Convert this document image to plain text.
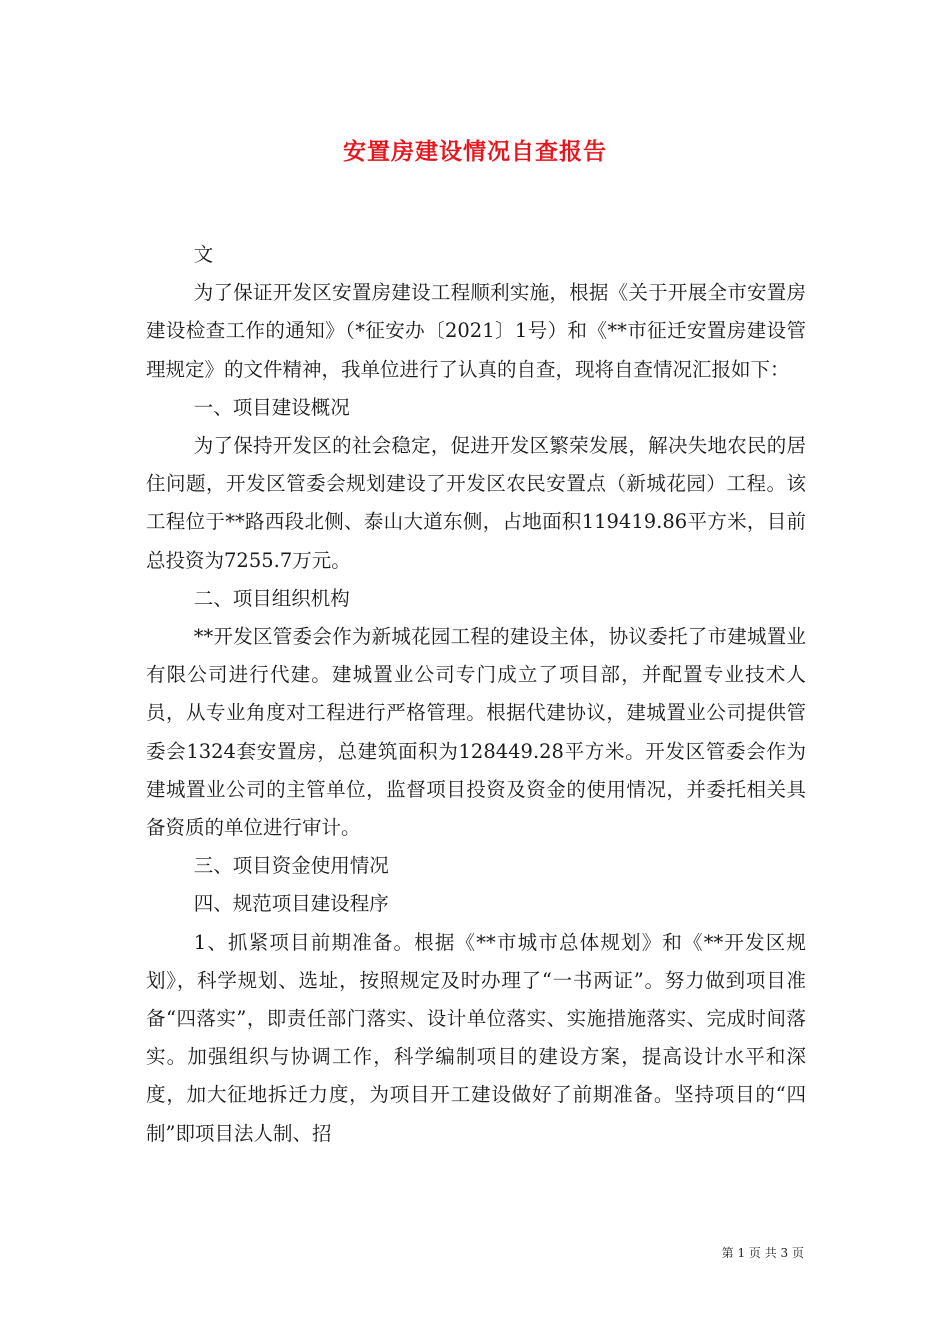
安置房建设情况自查报告

文

为了保证开发区安置房建设工程顺利实施，根据《关于开展全市安置房建设检查工作的通知》（*征安办〔2021〕1号）和《**市征迁安置房建设管理规定》的文件精神，我单位进行了认真的自查，现将自查情况汇报如下：

一、项目建设概况

为了保持开发区的社会稳定，促进开发区繁荣发展，解决失地农民的居住问题，开发区管委会规划建设了开发区农民安置点（新城花园）工程。该工程位于**路西段北侧、泰山大道东侧，占地面积119419.86平方米，目前总投资为7255.7万元。

二、项目组织机构

**开发区管委会作为新城花园工程的建设主体，协议委托了市建城置业有限公司进行代建。建城置业公司专门成立了项目部，并配置专业技术人员，从专业角度对工程进行严格管理。根据代建协议，建城置业公司提供管委会1324套安置房，总建筑面积为128449.28平方米。开发区管委会作为建城置业公司的主管单位，监督项目投资及资金的使用情况，并委托相关具备资质的单位进行审计。

三、项目资金使用情况

四、规范项目建设程序

1、抓紧项目前期准备。根据《**市城市总体规划》和《**开发区规划》，科学规划、选址，按照规定及时办理了“一书两证”。努力做到项目准备“四落实”，即责任部门落实、设计单位落实、实施措施落实、完成时间落实。加强组织与协调工作，科学编制项目的建设方案，提高设计水平和深度，加大征地拆迁力度，为项目开工建设做好了前期准备。坚持项目的“四制”即项目法人制、招

第 1 页 共 3 页
